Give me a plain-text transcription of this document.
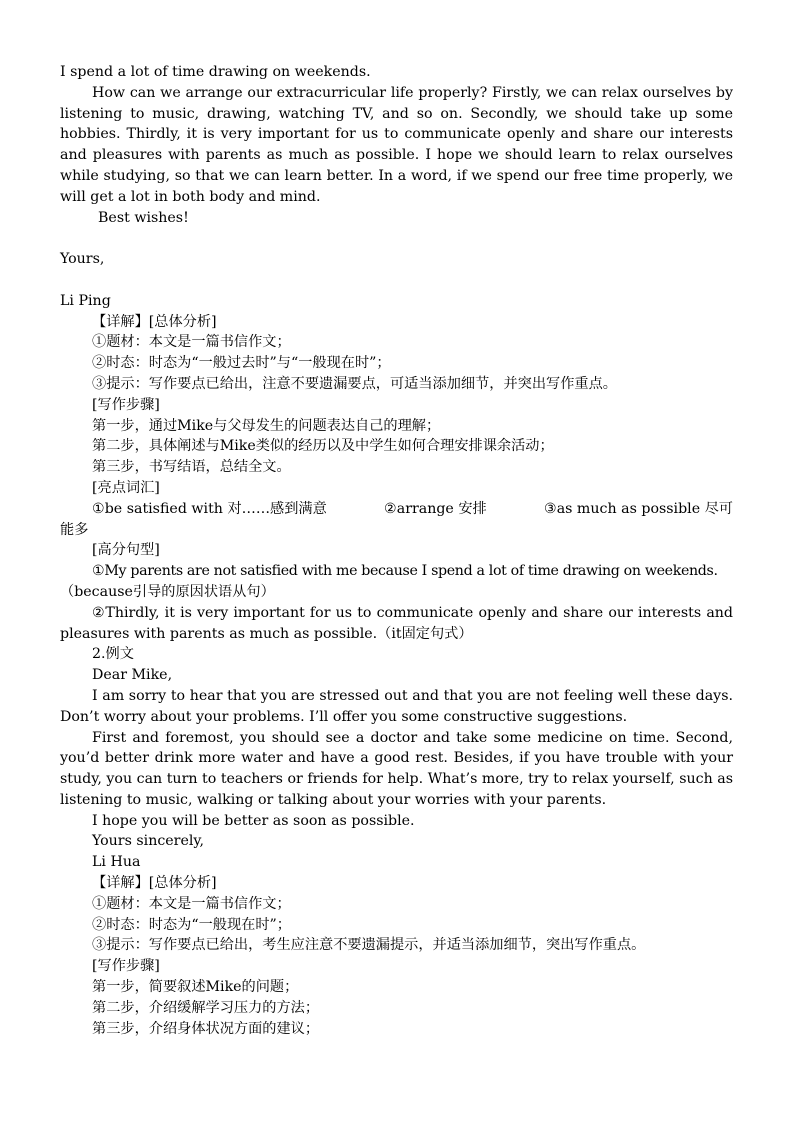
I spend a lot of time drawing on weekends.

How can we arrange our extracurricular life properly? Firstly, we can relax ourselves by listening to music, drawing, watching TV, and so on. Secondly, we should take up some hobbies. Thirdly, it is very important for us to communicate openly and share our interests and pleasures with parents as much as possible. I hope we should learn to relax ourselves while studying, so that we can learn better. In a word, if we spend our free time properly, we will get a lot in both body and mind.

Best wishes!

Yours,

Li Ping

【详解】[总体分析]

①题材：本文是一篇书信作文；

②时态：时态为“一般过去时”与“一般现在时”；

③提示：写作要点已给出，注意不要遗漏要点，可适当添加细节，并突出写作重点。

[写作步骤]

第一步，通过Mike与父母发生的问题表达自己的理解；

第二步，具体阐述与Mike类似的经历以及中学生如何合理安排课余活动；

第三步，书写结语，总结全文。

[亮点词汇]

①be satisfied with 对……感到满意	②arrange 安排	③as much as possible 尽可

能多

[高分句型]

①My parents are not satisfied with me because I spend a lot of time drawing on weekends.

（because引导的原因状语从句）

②Thirdly, it is very important for us to communicate openly and share our interests and pleasures with parents as much as possible.（it固定句式）

2.例文

Dear Mike,

I am sorry to hear that you are stressed out and that you are not feeling well these days. Don’t worry about your problems. I’ll offer you some constructive suggestions.

First and foremost, you should see a doctor and take some medicine on time. Second, you’d better drink more water and have a good rest. Besides, if you have trouble with your study, you can turn to teachers or friends for help. What’s more, try to relax yourself, such as listening to music, walking or talking about your worries with your parents.

I hope you will be better as soon as possible.

Yours sincerely,

Li Hua

【详解】[总体分析]

①题材：本文是一篇书信作文；

②时态：时态为“一般现在时”；

③提示：写作要点已给出，考生应注意不要遗漏提示，并适当添加细节，突出写作重点。

[写作步骤]

第一步，简要叙述Mike的问题；

第二步，介绍缓解学习压力的方法；

第三步，介绍身体状况方面的建议；
